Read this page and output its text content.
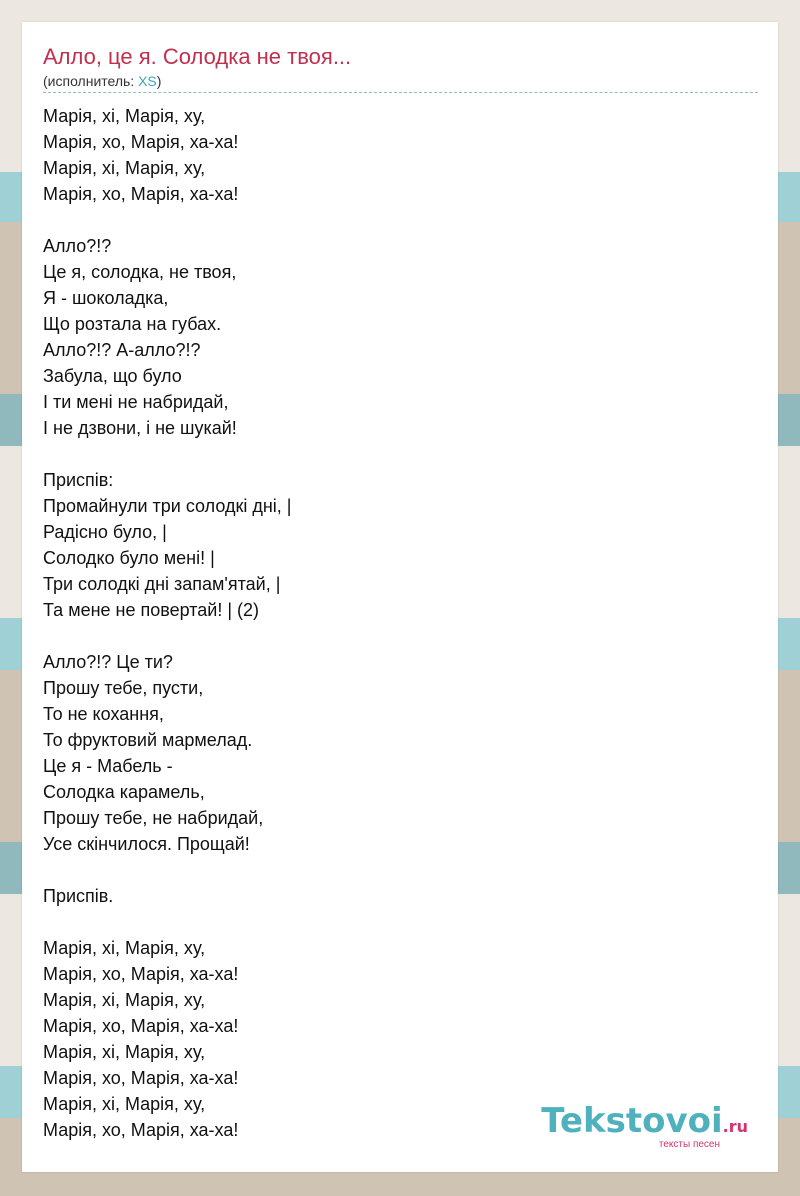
Алло, це я. Солодка не твоя...
(исполнитель: XS)
Марія, хі, Марія, ху,
Марія, хо, Марія, ха-ха!
Марія, хі, Марія, ху,
Марія, хо, Марія, ха-ха!
Алло?!?
Це я, солодка, не твоя,
Я - шоколадка,
Що розтала на губах.
Алло?!? А-алло?!?
Забула, що було
І ти мені не набридай,
І не дзвони, і не шукай!
Приспів:
Промайнули три солодкі дні, |
Радісно було, |
Солодко було мені! |
Три солодкі дні запам'ятай, |
Та мене не повертай! | (2)
Алло?!? Це ти?
Прошу тебе, пусти,
То не кохання,
То фруктовий мармелад.
Це я - Мабель -
Солодка карамель,
Прошу тебе, не набридай,
Усе скінчилося. Прощай!
Приспів.
Марія, хі, Марія, ху,
Марія, хо, Марія, ха-ха!
Марія, хі, Марія, ху,
Марія, хо, Марія, ха-ха!
Марія, хі, Марія, ху,
Марія, хо, Марія, ха-ха!
Марія, хі, Марія, ху,
Марія, хо, Марія, ха-ха!	Tekstovoi.ru
тексты песен
